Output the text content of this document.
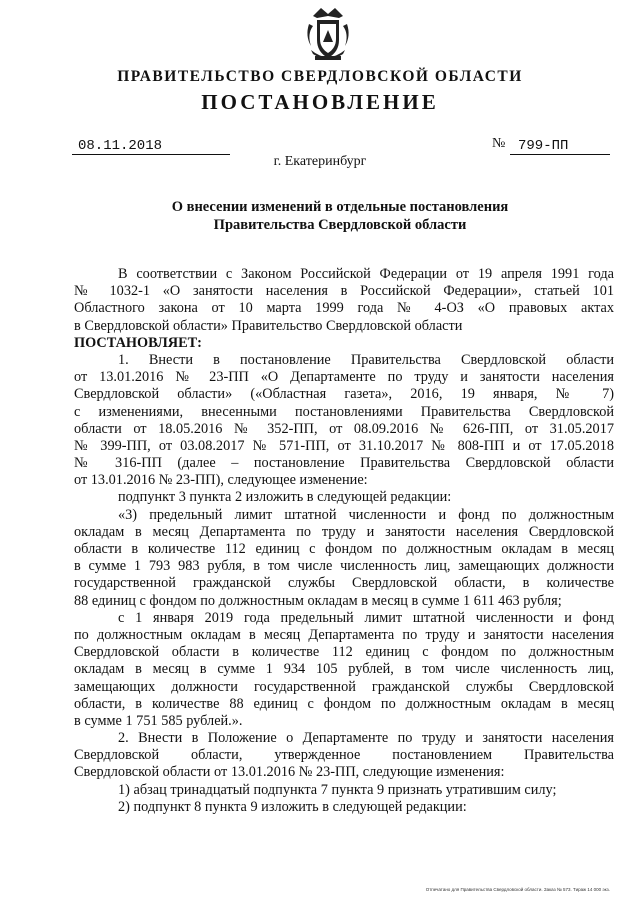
ПРАВИТЕЛЬСТВО СВЕРДЛОВСКОЙ ОБЛАСТИ
ПОСТАНОВЛЕНИЕ
08.11.2018	№ 799-ПП
г. Екатеринбург
О внесении изменений в отдельные постановления
Правительства Свердловской области
В соответствии с Законом Российской Федерации от 19 апреля 1991 года
№ 1032-1 «О занятости населения в Российской Федерации», статьей 101
Областного закона от 10 марта 1999 года № 4-ОЗ «О правовых актах
в Свердловской области» Правительство Свердловской области
ПОСТАНОВЛЯЕТ:
1. Внести в постановление Правительства Свердловской области
от 13.01.2016 № 23-ПП «О Департаменте по труду и занятости населения
Свердловской области» («Областная газета», 2016, 19 января, № 7)
с изменениями, внесенными постановлениями Правительства Свердловской
области от 18.05.2016 № 352-ПП, от 08.09.2016 № 626-ПП, от 31.05.2017
№ 399-ПП, от 03.08.2017 № 571-ПП, от 31.10.2017 № 808-ПП и от 17.05.2018
№ 316-ПП (далее – постановление Правительства Свердловской области
от 13.01.2016 № 23-ПП), следующее изменение:
подпункт 3 пункта 2 изложить в следующей редакции:
«3) предельный лимит штатной численности и фонд по должностным
окладам в месяц Департамента по труду и занятости населения Свердловской
области в количестве 112 единиц с фондом по должностным окладам в месяц
в сумме 1 793 983 рубля, в том числе численность лиц, замещающих должности
государственной гражданской службы Свердловской области, в количестве
88 единиц с фондом по должностным окладам в месяц в сумме 1 611 463 рубля;
с 1 января 2019 года предельный лимит штатной численности и фонд
по должностным окладам в месяц Департамента по труду и занятости населения
Свердловской области в количестве 112 единиц с фондом по должностным
окладам в месяц в сумме 1 934 105 рублей, в том числе численность лиц,
замещающих должности государственной гражданской службы Свердловской
области, в количестве 88 единиц с фондом по должностным окладам в месяц
в сумме 1 751 585 рублей.».
2. Внести в Положение о Департаменте по труду и занятости населения
Свердловской области, утвержденное постановлением Правительства
Свердловской области от 13.01.2016 № 23-ПП, следующие изменения:
1) абзац тринадцатый подпункта 7 пункта 9 признать утратившим силу;
2) подпункт 8 пункта 9 изложить в следующей редакции:
Отпечатано для Правительства Свердловской области. Заказ № 573. Тираж 14 000 экз.
